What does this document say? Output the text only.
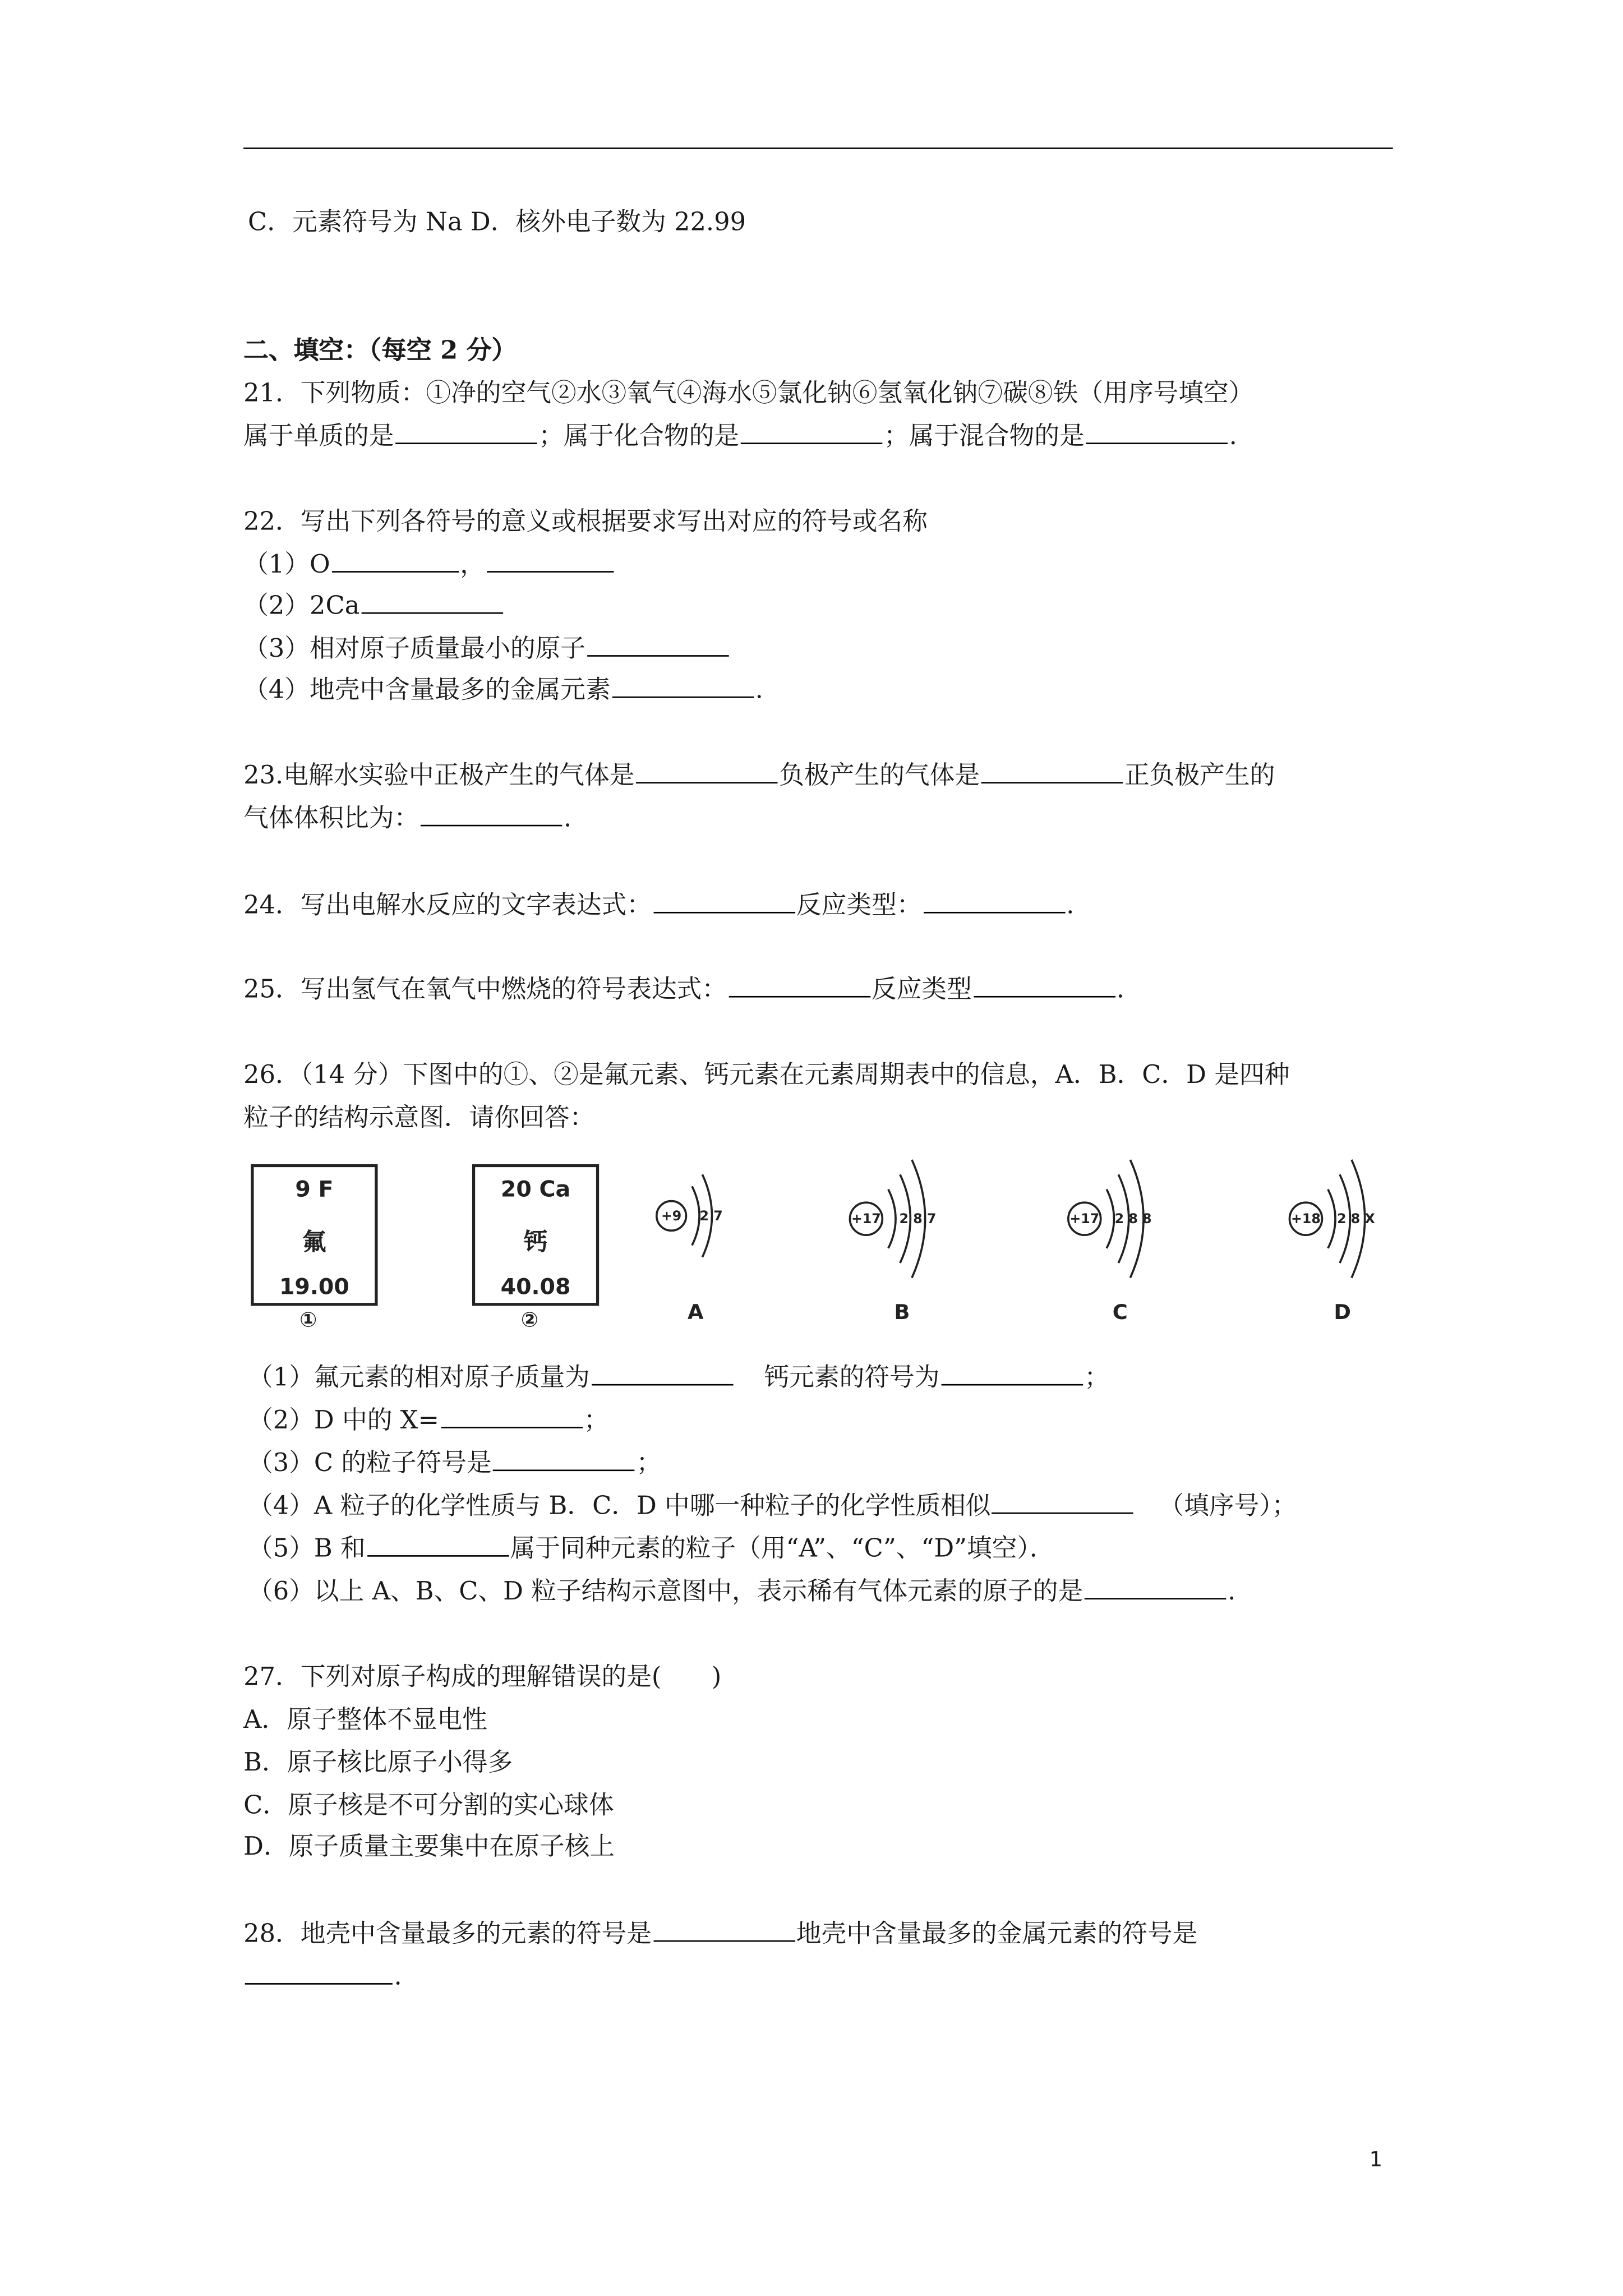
C．元素符号为 Na D．核外电子数为 22.99
二、填空：（每空 2 分）
21．下列物质：①净的空气②水③氧气④海水⑤氯化钠⑥氢氧化钠⑦碳⑧铁（用序号填空）
属于单质的是	；属于化合物的是	；属于混合物的是	.
22．写出下列各符号的意义或根据要求写出对应的符号或名称
（1）O	，
（2）2Ca
（3）相对原子质量最小的原子
（4）地壳中含量最多的金属元素	.
23.电解水实验中正极产生的气体是	负极产生的气体是	正负极产生的
气体体积比为：	.
24．写出电解水反应的文字表达式：	反应类型：	.
25．写出氢气在氧气中燃烧的符号表达式：	反应类型	.
26．（14 分）下图中的①、②是氟元素、钙元素在元素周期表中的信息，A．B．C．D 是四种
粒子的结构示意图．请你回答：
9 F
氟
19.00
①
20 Ca
钙
40.08
②
+9	2 7
A
+17	2 8 7
B
+17	2 8 8
C
+18	2 8 X
D
（1）氟元素的相对原子质量为	钙元素的符号为	；
（2）D 中的 X=	；
（3）C 的粒子符号是	；
（4）A 粒子的化学性质与 B．C．D 中哪一种粒子的化学性质相似	（填序号）；
（5）B 和	属于同种元素的粒子（用“A”、“C”、“D”填空）．
（6）以上 A、B、C、D 粒子结构示意图中，表示稀有气体元素的原子的是	.
27．下列对原子构成的理解错误的是(　　)
A．原子整体不显电性
B．原子核比原子小得多
C．原子核是不可分割的实心球体
D．原子质量主要集中在原子核上
28．地壳中含量最多的元素的符号是	地壳中含量最多的金属元素的符号是
.
1
